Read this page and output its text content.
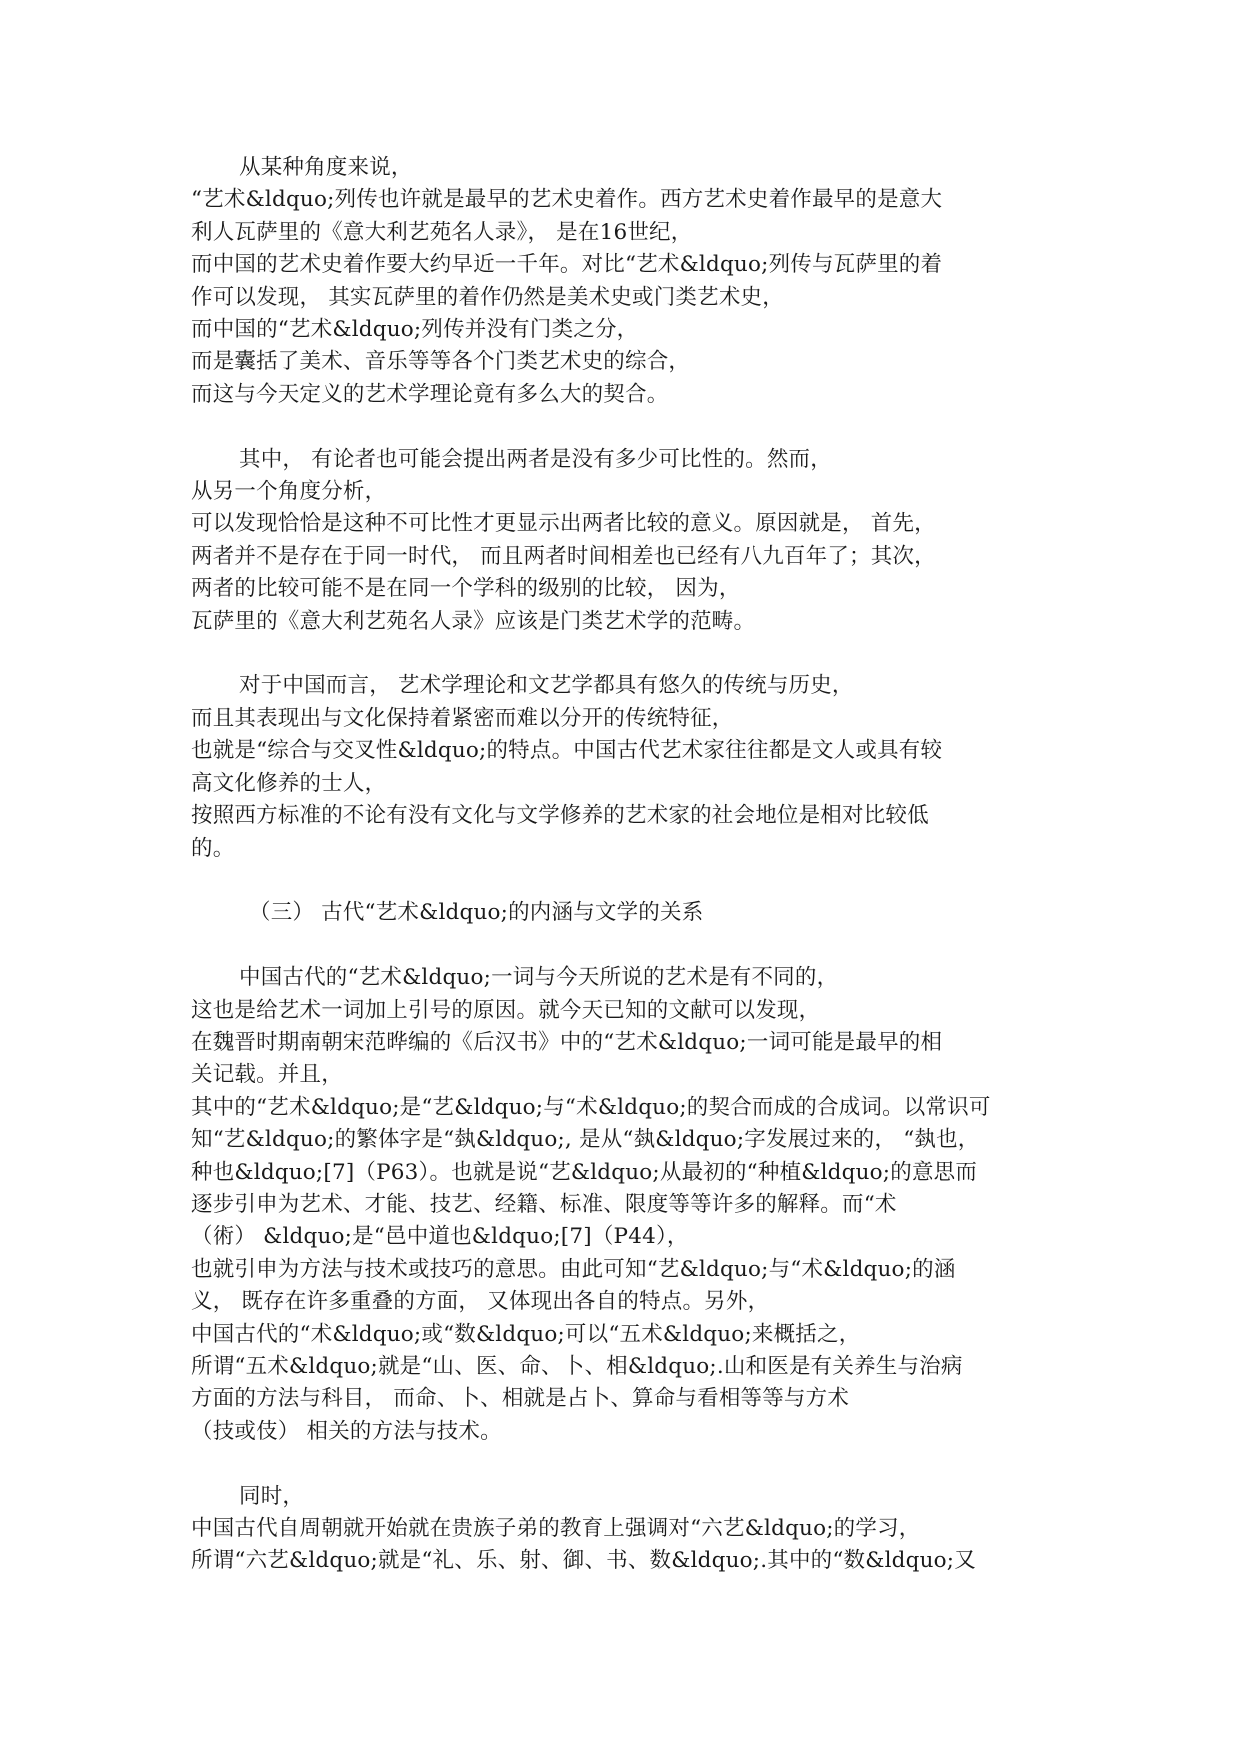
从某种角度来说，
“艺术&ldquo;列传也许就是最早的艺术史着作。西方艺术史着作最早的是意大
利人瓦萨里的《意大利艺苑名人录》， 是在16世纪，
而中国的艺术史着作要大约早近一千年。对比“艺术&ldquo;列传与瓦萨里的着
作可以发现， 其实瓦萨里的着作仍然是美术史或门类艺术史，
而中国的“艺术&ldquo;列传并没有门类之分，
而是囊括了美术、音乐等等各个门类艺术史的综合，
而这与今天定义的艺术学理论竟有多么大的契合。

其中， 有论者也可能会提出两者是没有多少可比性的。然而，
从另一个角度分析，
可以发现恰恰是这种不可比性才更显示出两者比较的意义。原因就是， 首先，
两者并不是存在于同一时代， 而且两者时间相差也已经有八九百年了；其次，
两者的比较可能不是在同一个学科的级别的比较， 因为，
瓦萨里的《意大利艺苑名人录》应该是门类艺术学的范畴。

对于中国而言， 艺术学理论和文艺学都具有悠久的传统与历史，
而且其表现出与文化保持着紧密而难以分开的传统特征，
也就是“综合与交叉性&ldquo;的特点。中国古代艺术家往往都是文人或具有较
高文化修养的士人，
按照西方标准的不论有没有文化与文学修养的艺术家的社会地位是相对比较低
的。

（三） 古代“艺术&ldquo;的内涵与文学的关系

中国古代的“艺术&ldquo;一词与今天所说的艺术是有不同的，
这也是给艺术一词加上引号的原因。就今天已知的文献可以发现，
在魏晋时期南朝宋范晔编的《后汉书》中的“艺术&ldquo;一词可能是最早的相
关记载。并且，
其中的“艺术&ldquo;是“艺&ldquo;与“术&ldquo;的契合而成的合成词。以常识可
知“艺&ldquo;的繁体字是“埶&ldquo;, 是从“埶&ldquo;字发展过来的， “埶也，
种也&ldquo;[7]（P63）。也就是说“艺&ldquo;从最初的“种植&ldquo;的意思而
逐步引申为艺术、才能、技艺、经籍、标准、限度等等许多的解释。而“术
（術） &ldquo;是“邑中道也&ldquo;[7]（P44），
也就引申为方法与技术或技巧的意思。由此可知“艺&ldquo;与“术&ldquo;的涵
义， 既存在许多重叠的方面， 又体现出各自的特点。另外，
中国古代的“术&ldquo;或“数&ldquo;可以“五术&ldquo;来概括之，
所谓“五术&ldquo;就是“山、医、命、卜、相&ldquo;.山和医是有关养生与治病
方面的方法与科目， 而命、卜、相就是占卜、算命与看相等等与方术
（技或伎） 相关的方法与技术。

同时，
中国古代自周朝就开始就在贵族子弟的教育上强调对“六艺&ldquo;的学习，
所谓“六艺&ldquo;就是“礼、乐、射、御、书、数&ldquo;.其中的“数&ldquo;又
